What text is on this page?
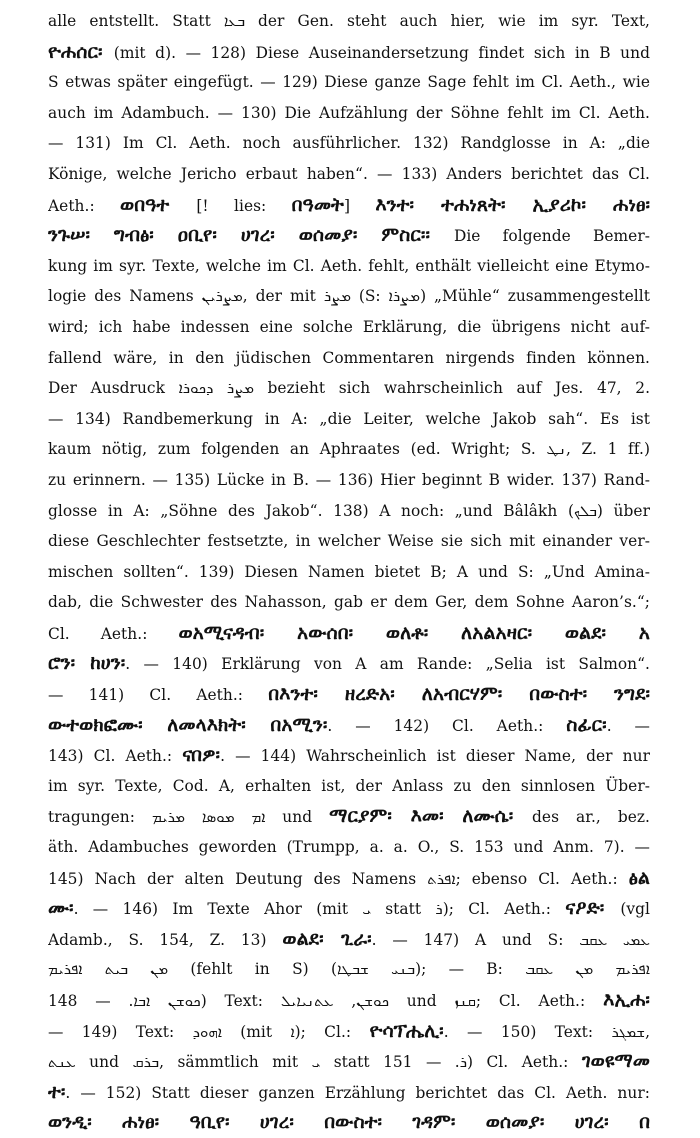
alle entstellt. Statt ܒܥܐ der Gen. steht auch hier, wie im syr. Text,
ዮሐሰር፡ (mit d). — 128) Diese Auseinandersetzung findet sich in B und
S etwas später eingefügt. — 129) Diese ganze Sage fehlt im Cl. Aeth., wie
auch im Adambuch. — 130) Die Aufzählung der Söhne fehlt im Cl. Aeth.
— 131) Im Cl. Aeth. noch ausführlicher. 132) Randglosse in A: „die
Könige, welche Jericho erbaut haben“. — 133) Anders berichtet das Cl.
Aeth.: ወበዓተ [! lies: በዓመት] እንተ፡ ተሐነጸት፡ ኢያሪኮ፡ ሐነፀ፡
ንጉሠ፡ ግብፅ፡ ዐቢየ፡ ሀገረ፡ ወሰመያ፡ ምስር፡፡ Die folgende Bemer-
kung im syr. Texte, welche im Cl. Aeth. fehlt, enthält vielleicht eine Etymo-
logie des Namens ܡܨܪܝܢ, der mit ܡܨܪ (S: ܡܨܪܐ) „Mühle“ zusammengestellt
wird; ich habe indessen eine solche Erklärung, die übrigens nicht auf-
fallend wäre, in den jüdischen Commentaren nirgends finden können.
Der Ausdruck ܡܨܪ ܕܟܘܪܐ bezieht sich wahrscheinlich auf Jes. 47, 2.
— 134) Randbemerkung in A: „die Leiter, welche Jakob sah“. Es ist
kaum nötig, zum folgenden an Aphraates (ed. Wright; S. ܢܛ, Z. 1 ff.)
zu erinnern. — 135) Lücke in B. — 136) Hier beginnt B wider. 137) Rand-
glosse in A: „Söhne des Jakob“. 138) A noch: „und Bâlâkh (ܒܠܟ) über
diese Geschlechter festsetzte, in welcher Weise sie sich mit einander ver-
mischen sollten“. 139) Diesen Namen bietet B; A und S: „Und Amina-
dab, die Schwester des Nahasson, gab er dem Ger, dem Sohne Aaron’s.“;
Cl. Aeth.: ወአሚናዳብ፡ አውሰበ፡ ወለቶ፡ ለአልአዛር፡ ወልደ፡ አ
ሮን፡ ከሀን፡. — 140) Erklärung von A am Rande: „Selia ist Salmon“.
— 141) Cl. Aeth.: በእንተ፡ ዘረድአ፡ ለአብርሃም፡ በውስተ፡ ንግደ፡
ውተወክፎሙ፡ ለመላእክት፡ በአሚን፡. — 142) Cl. Aeth.: ስፊር፡. —
143) Cl. Aeth.: ናበዎ፡. — 144) Wahrscheinlich ist dieser Name, der nur
im syr. Texte, Cod. A, erhalten ist, der Anlass zu den sinnlosen Über-
tragungen: ܐܡ ܡܘܣܐ ܡܪܝܡ und ማርያም፡ እመ፡ ለሙሴ፡ des ar., bez.
äth. Adambuches geworden (Trumpp, a. a. O., S. 153 und Anm. 7). —
145) Nach der alten Deutung des Namens ܐܦܪܬ; ebenso Cl. Aeth.: ፅል
ሙ፡. — 146) Im Texte Ahor (mit ܝ statt ܪ); Cl. Aeth.: ናዖድ፡ (vgl
Adamb., S. 154, Z. 13) ወልደ፡ ጊራ፡. — 147) A und S: ܥܡܝ ܥܩܒ
ܡܢ ܒܝܬ ܐܦܪܝܡ (fehlt in S) (ܒܢܝ ܫܒܛܐ); — B: ܐܦܪܝܡ ܡܢ ܥܩܒ
ܟܘܫܢ ܐܒܐ. — 148) Text:	ܟܘܫܢ, ܥܬܢܝܐܝܠ und ܩܢܙ; Cl. Aeth.: እኢሐ፡
— 149) Text: ܐܗܘܕ (mit ܐ); Cl.: ዮሳፕሔሊ፡. — 150) Text: ܫܡܓܪ,
ܥܢܬ und ܒܪܩ, sämmtlich mit ܝ statt	ܪ. — 151) Cl. Aeth.: ገወዩማመ
ተ፡. — 152) Statt dieser ganzen Erzählung berichtet das Cl. Aeth. nur:
ወንዲ፡ ሐነፀ፡ ዓቢየ፡ ሀገረ፡ በውስተ፡ ገዳም፡ ወሰመያ፡ ሀገረ፡ በ
